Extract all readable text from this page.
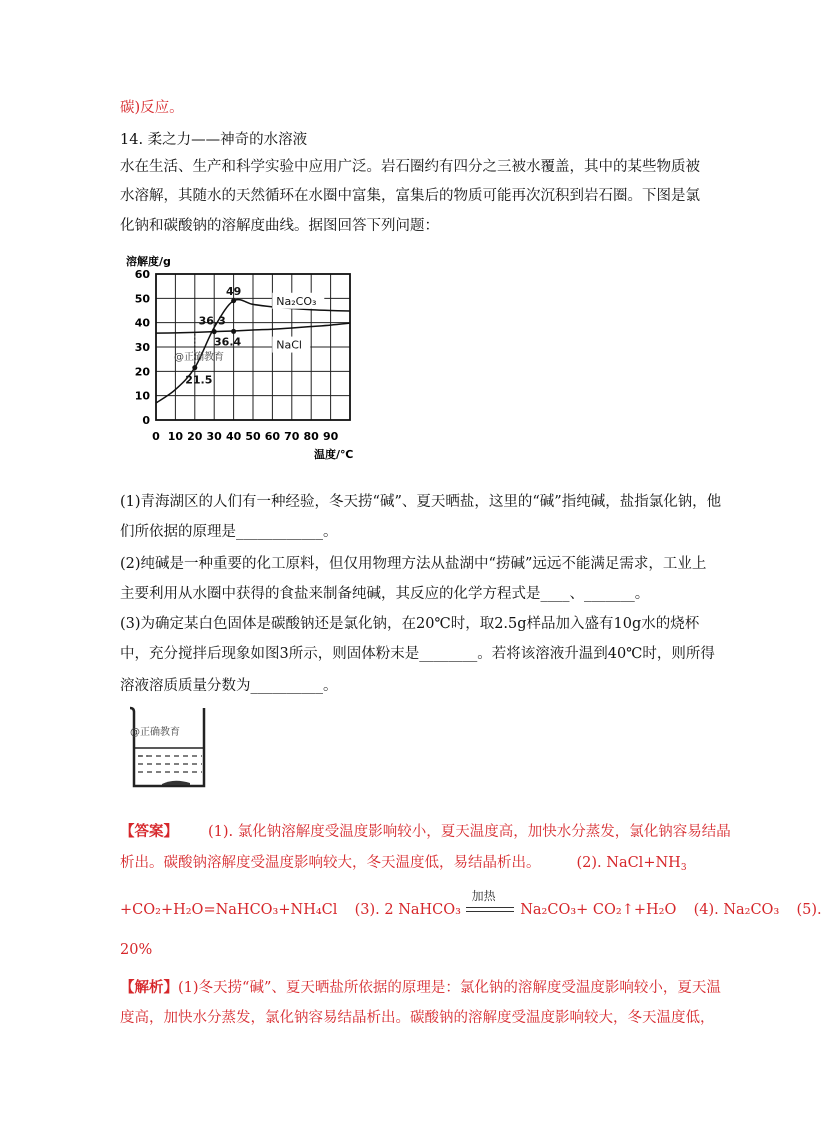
碳)反应。
14. 柔之力——神奇的水溶液
水在生活、生产和科学实验中应用广泛。岩石圈约有四分之三被水覆盖，其中的某些物质被
水溶解，其随水的天然循环在水圈中富集，富集后的物质可能再次沉积到岩石圈。下图是氯
化钠和碳酸钠的溶解度曲线。据图回答下列问题：
溶解度/g
温度/℃
0
10
20
30
40
50
60
0 10 20 30 40 50 60 70 80 90
49
36.3
36.4
21.5
Na₂CO₃
NaCl
@正确教育
(1)青海湖区的人们有一种经验，冬天捞“碱”、夏天晒盐，这里的“碱”指纯碱，盐指氯化钠，他
们所依据的原理是____________。
(2)纯碱是一种重要的化工原料，但仅用物理方法从盐湖中“捞碱”远远不能满足需求，工业上
主要利用从水圈中获得的食盐来制备纯碱，其反应的化学方程式是____、_______。
(3)为确定某白色固体是碳酸钠还是氯化钠，在20℃时，取2.5g样品加入盛有10g水的烧杯
中，充分搅拌后现象如图3所示，则固体粉末是________。若将该溶液升温到40℃时，则所得
溶液溶质质量分数为__________。
@正确教育
【答案】 (1). 氯化钠溶解度受温度影响较小，夏天温度高，加快水分蒸发，氯化钠容易结晶
析出。碳酸钠溶解度受温度影响较大，冬天温度低，易结晶析出。 (2). $NaCl+NH_3$
+CO₂+H₂O=NaHCO₃+NH₄Cl (3). 2 NaHCO₃
加热
Na₂CO₃+ CO₂↑+H₂O (4). Na₂CO₃ (5).
20%
【解析】(1)冬天捞“碱”、夏天晒盐所依据的原理是：氯化钠的溶解度受温度影响较小，夏天温
度高，加快水分蒸发，氯化钠容易结晶析出。碳酸钠的溶解度受温度影响较大，冬天温度低，
